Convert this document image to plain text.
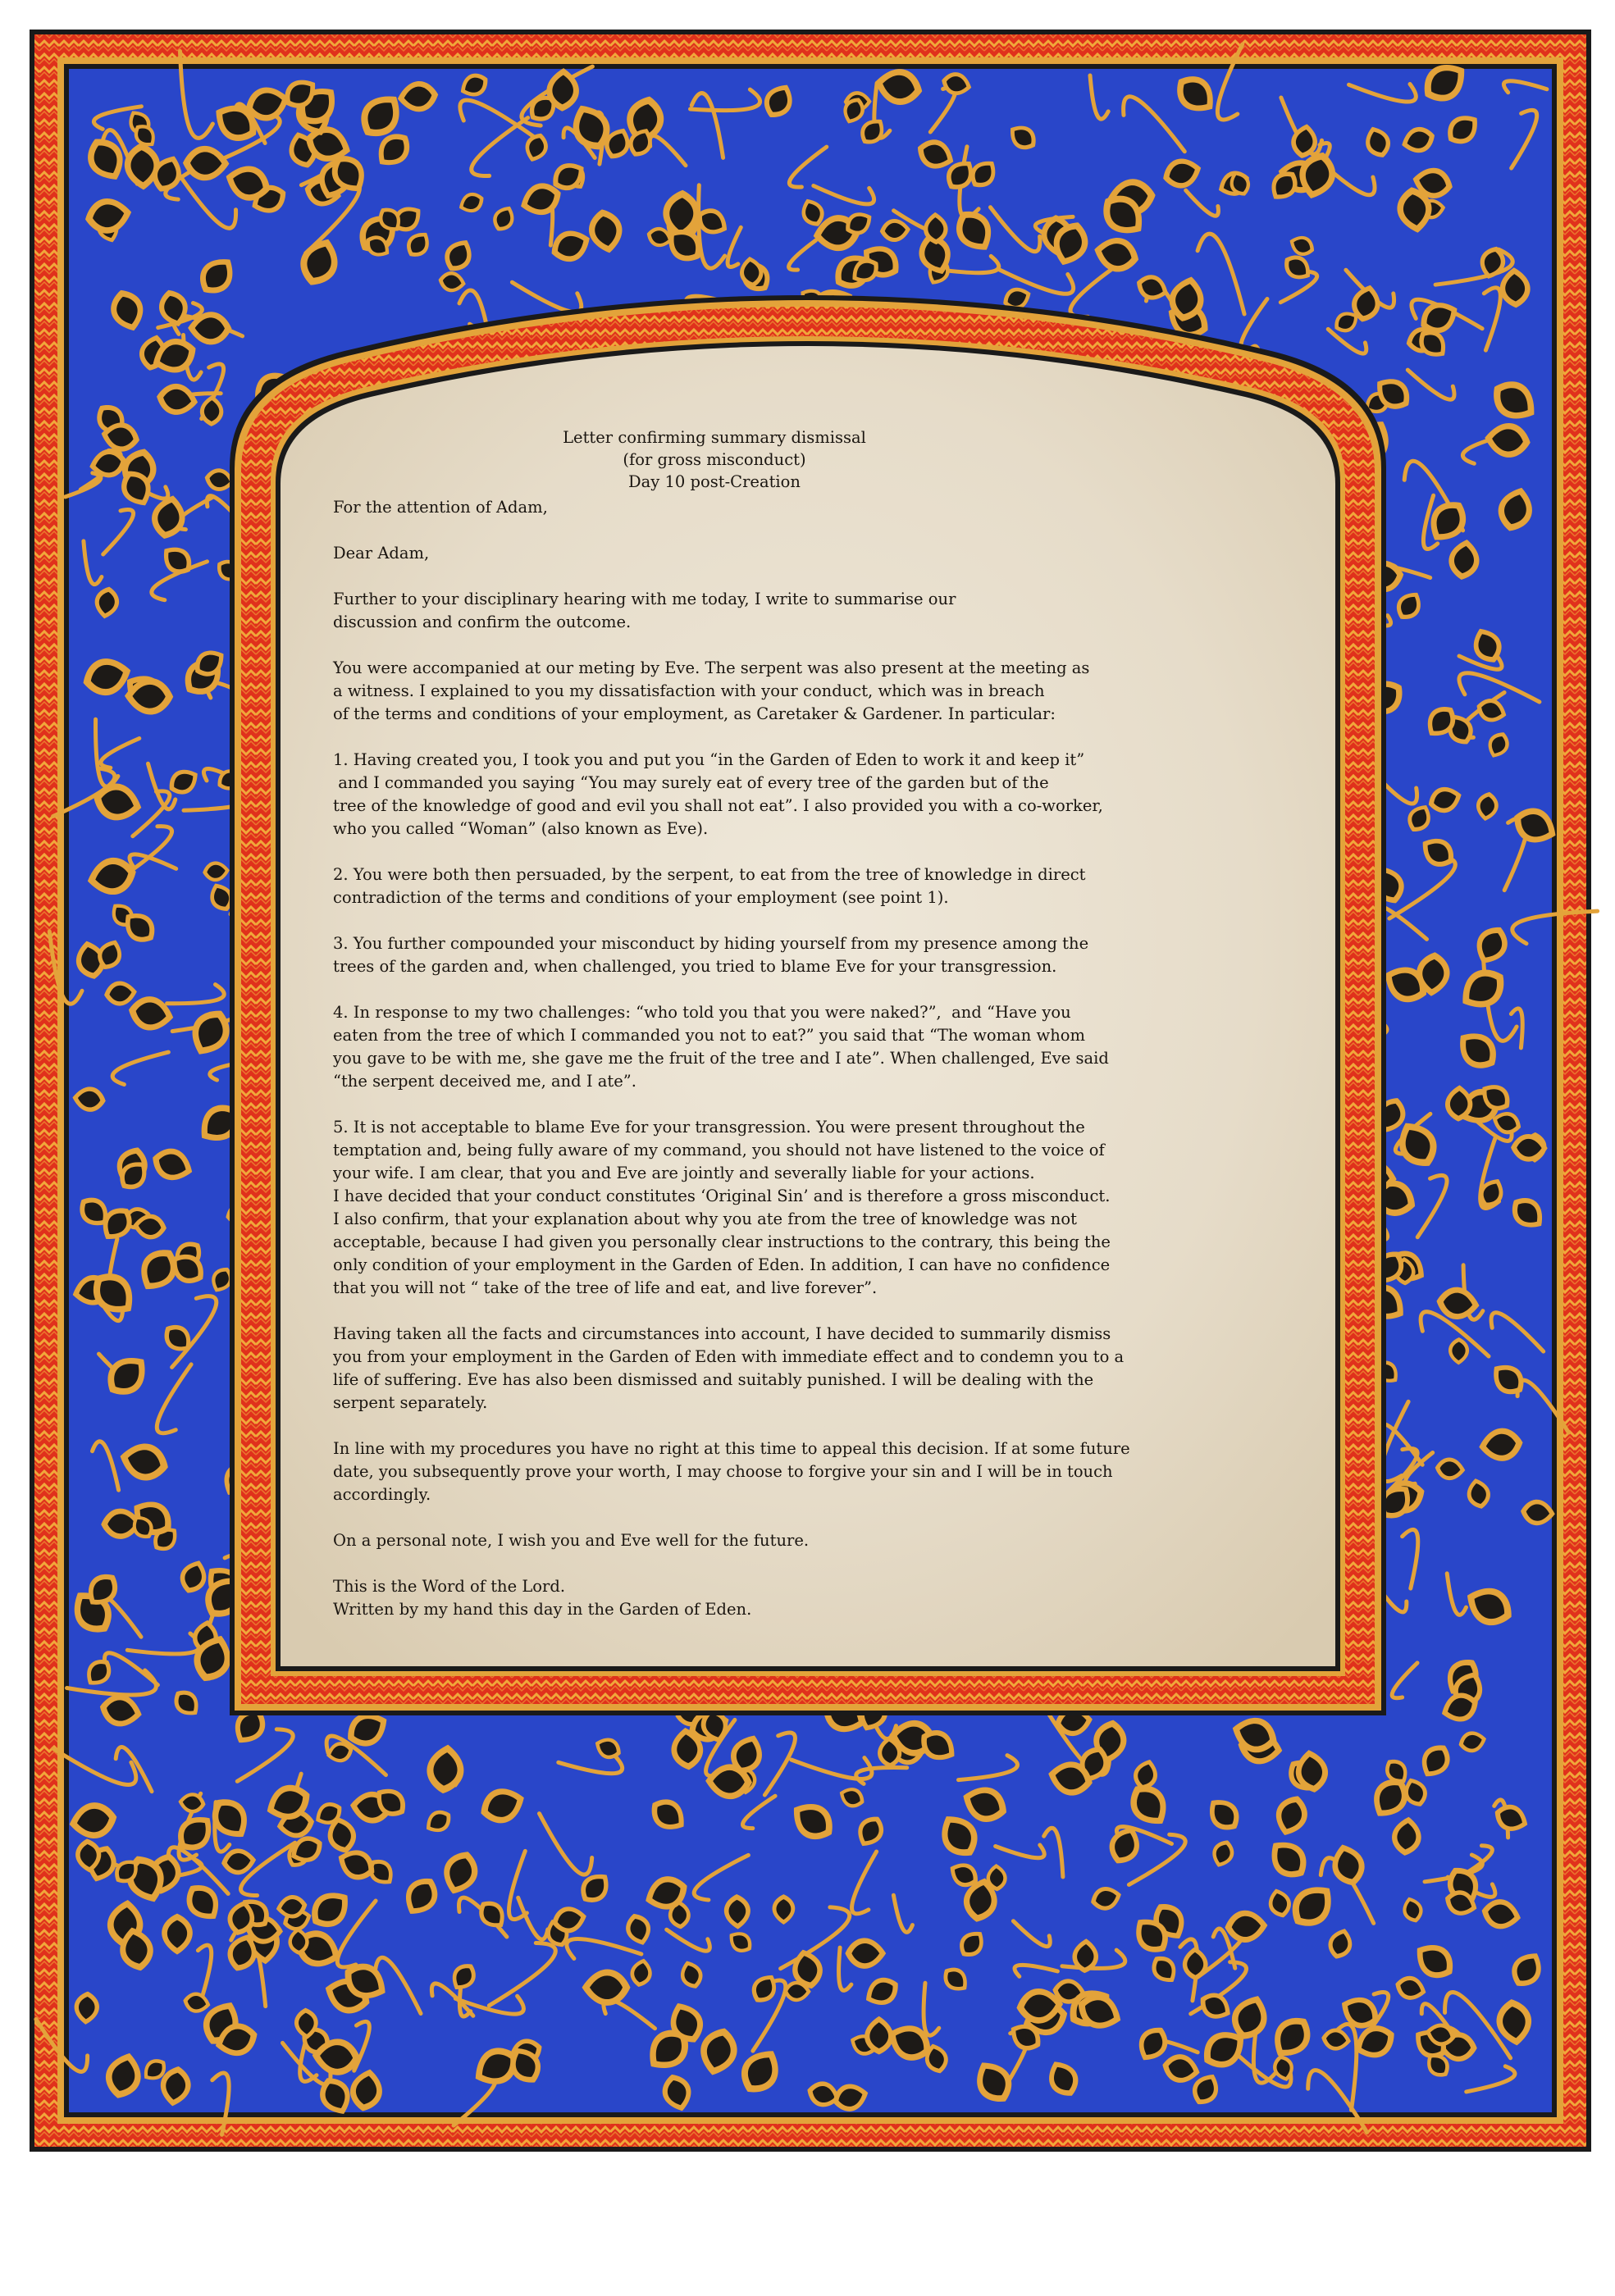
Letter confirming summary dismissal
(for gross misconduct)
Day 10 post-Creation
For the attention of Adam,
Dear Adam,
Further to your disciplinary hearing with me today, I write to summarise our
discussion and confirm the outcome.
You were accompanied at our meting by Eve. The serpent was also present at the meeting as
a witness. I explained to you my dissatisfaction with your conduct, which was in breach
of the terms and conditions of your employment, as Caretaker & Gardener. In particular:
1. Having created you, I took you and put you “in the Garden of Eden to work it and keep it”
and I commanded you saying “You may surely eat of every tree of the garden but of the
tree of the knowledge of good and evil you shall not eat”. I also provided you with a co-worker,
who you called “Woman” (also known as Eve).
2. You were both then persuaded, by the serpent, to eat from the tree of knowledge in direct
contradiction of the terms and conditions of your employment (see point 1).
3. You further compounded your misconduct by hiding yourself from my presence among the
trees of the garden and, when challenged, you tried to blame Eve for your transgression.
4. In response to my two challenges: “who told you that you were naked?”,  and “Have you
eaten from the tree of which I commanded you not to eat?” you said that “The woman whom
you gave to be with me, she gave me the fruit of the tree and I ate”. When challenged, Eve said
“the serpent deceived me, and I ate”.
5. It is not acceptable to blame Eve for your transgression. You were present throughout the
temptation and, being fully aware of my command, you should not have listened to the voice of
your wife. I am clear, that you and Eve are jointly and severally liable for your actions.
I have decided that your conduct constitutes ‘Original Sin’ and is therefore a gross misconduct.
I also confirm, that your explanation about why you ate from the tree of knowledge was not
acceptable, because I had given you personally clear instructions to the contrary, this being the
only condition of your employment in the Garden of Eden. In addition, I can have no confidence
that you will not “ take of the tree of life and eat, and live forever”.
Having taken all the facts and circumstances into account, I have decided to summarily dismiss
you from your employment in the Garden of Eden with immediate effect and to condemn you to a
life of suffering. Eve has also been dismissed and suitably punished. I will be dealing with the
serpent separately.
In line with my procedures you have no right at this time to appeal this decision. If at some future
date, you subsequently prove your worth, I may choose to forgive your sin and I will be in touch
accordingly.
On a personal note, I wish you and Eve well for the future.
This is the Word of the Lord.
Written by my hand this day in the Garden of Eden.
